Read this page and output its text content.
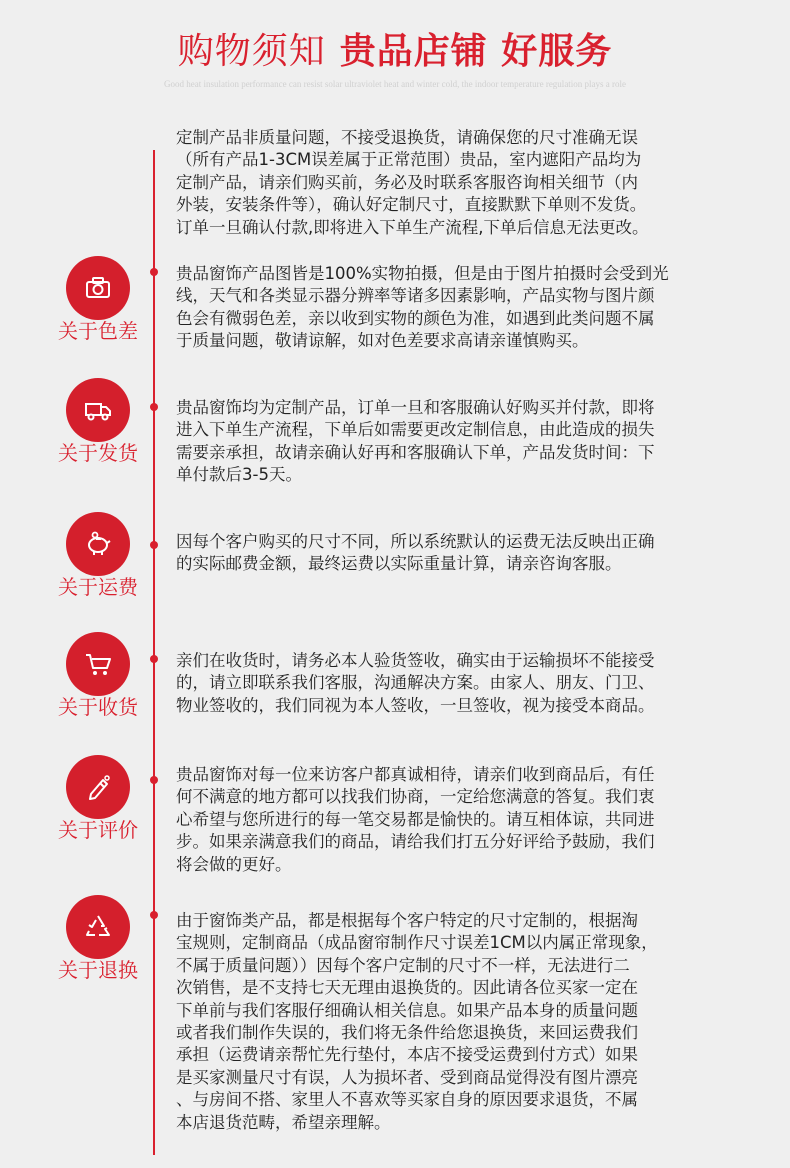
购物须知 贵品店铺 好服务
Good heat insulation performance can resist solar ultraviolet heat and winter cold, the indoor temperature regulation plays a role

定制产品非质量问题，不接受退换货，请确保您的尺寸准确无误
（所有产品1-3CM误差属于正常范围）贵品，室内遮阳产品均为
定制产品，请亲们购买前，务必及时联系客服咨询相关细节（内
外装，安装条件等），确认好定制尺寸，直接默默下单则不发货。
订单一旦确认付款,即将进入下单生产流程,下单后信息无法更改。

关于色差

贵品窗饰产品图皆是100%实物拍摄，但是由于图片拍摄时会受到光
线，天气和各类显示器分辨率等诸多因素影响，产品实物与图片颜
色会有微弱色差，亲以收到实物的颜色为准，如遇到此类问题不属
于质量问题，敬请谅解，如对色差要求高请亲谨慎购买。

关于发货

贵品窗饰均为定制产品，订单一旦和客服确认好购买并付款，即将
进入下单生产流程，下单后如需要更改定制信息，由此造成的损失
需要亲承担，故请亲确认好再和客服确认下单，产品发货时间：下
单付款后3-5天。

关于运费

因每个客户购买的尺寸不同，所以系统默认的运费无法反映出正确
的实际邮费金额，最终运费以实际重量计算，请亲咨询客服。

关于收货

亲们在收货时，请务必本人验货签收，确实由于运输损坏不能接受
的，请立即联系我们客服，沟通解决方案。由家人、朋友、门卫、
物业签收的，我们同视为本人签收，一旦签收，视为接受本商品。

关于评价

贵品窗饰对每一位来访客户都真诚相待，请亲们收到商品后，有任
何不满意的地方都可以找我们协商，一定给您满意的答复。我们衷
心希望与您所进行的每一笔交易都是愉快的。请互相体谅，共同进
步。如果亲满意我们的商品，请给我们打五分好评给予鼓励，我们
将会做的更好。

关于退换

由于窗饰类产品，都是根据每个客户特定的尺寸定制的，根据淘
宝规则，定制商品（成品窗帘制作尺寸误差1CM以内属正常现象，
不属于质量问题））因每个客户定制的尺寸不一样，无法进行二
次销售，是不支持七天无理由退换货的。因此请各位买家一定在
下单前与我们客服仔细确认相关信息。如果产品本身的质量问题
或者我们制作失误的，我们将无条件给您退换货，来回运费我们
承担（运费请亲帮忙先行垫付，本店不接受运费到付方式）如果
是买家测量尺寸有误，人为损坏者、受到商品觉得没有图片漂亮
、与房间不搭、家里人不喜欢等买家自身的原因要求退货，不属
本店退货范畴，希望亲理解。
